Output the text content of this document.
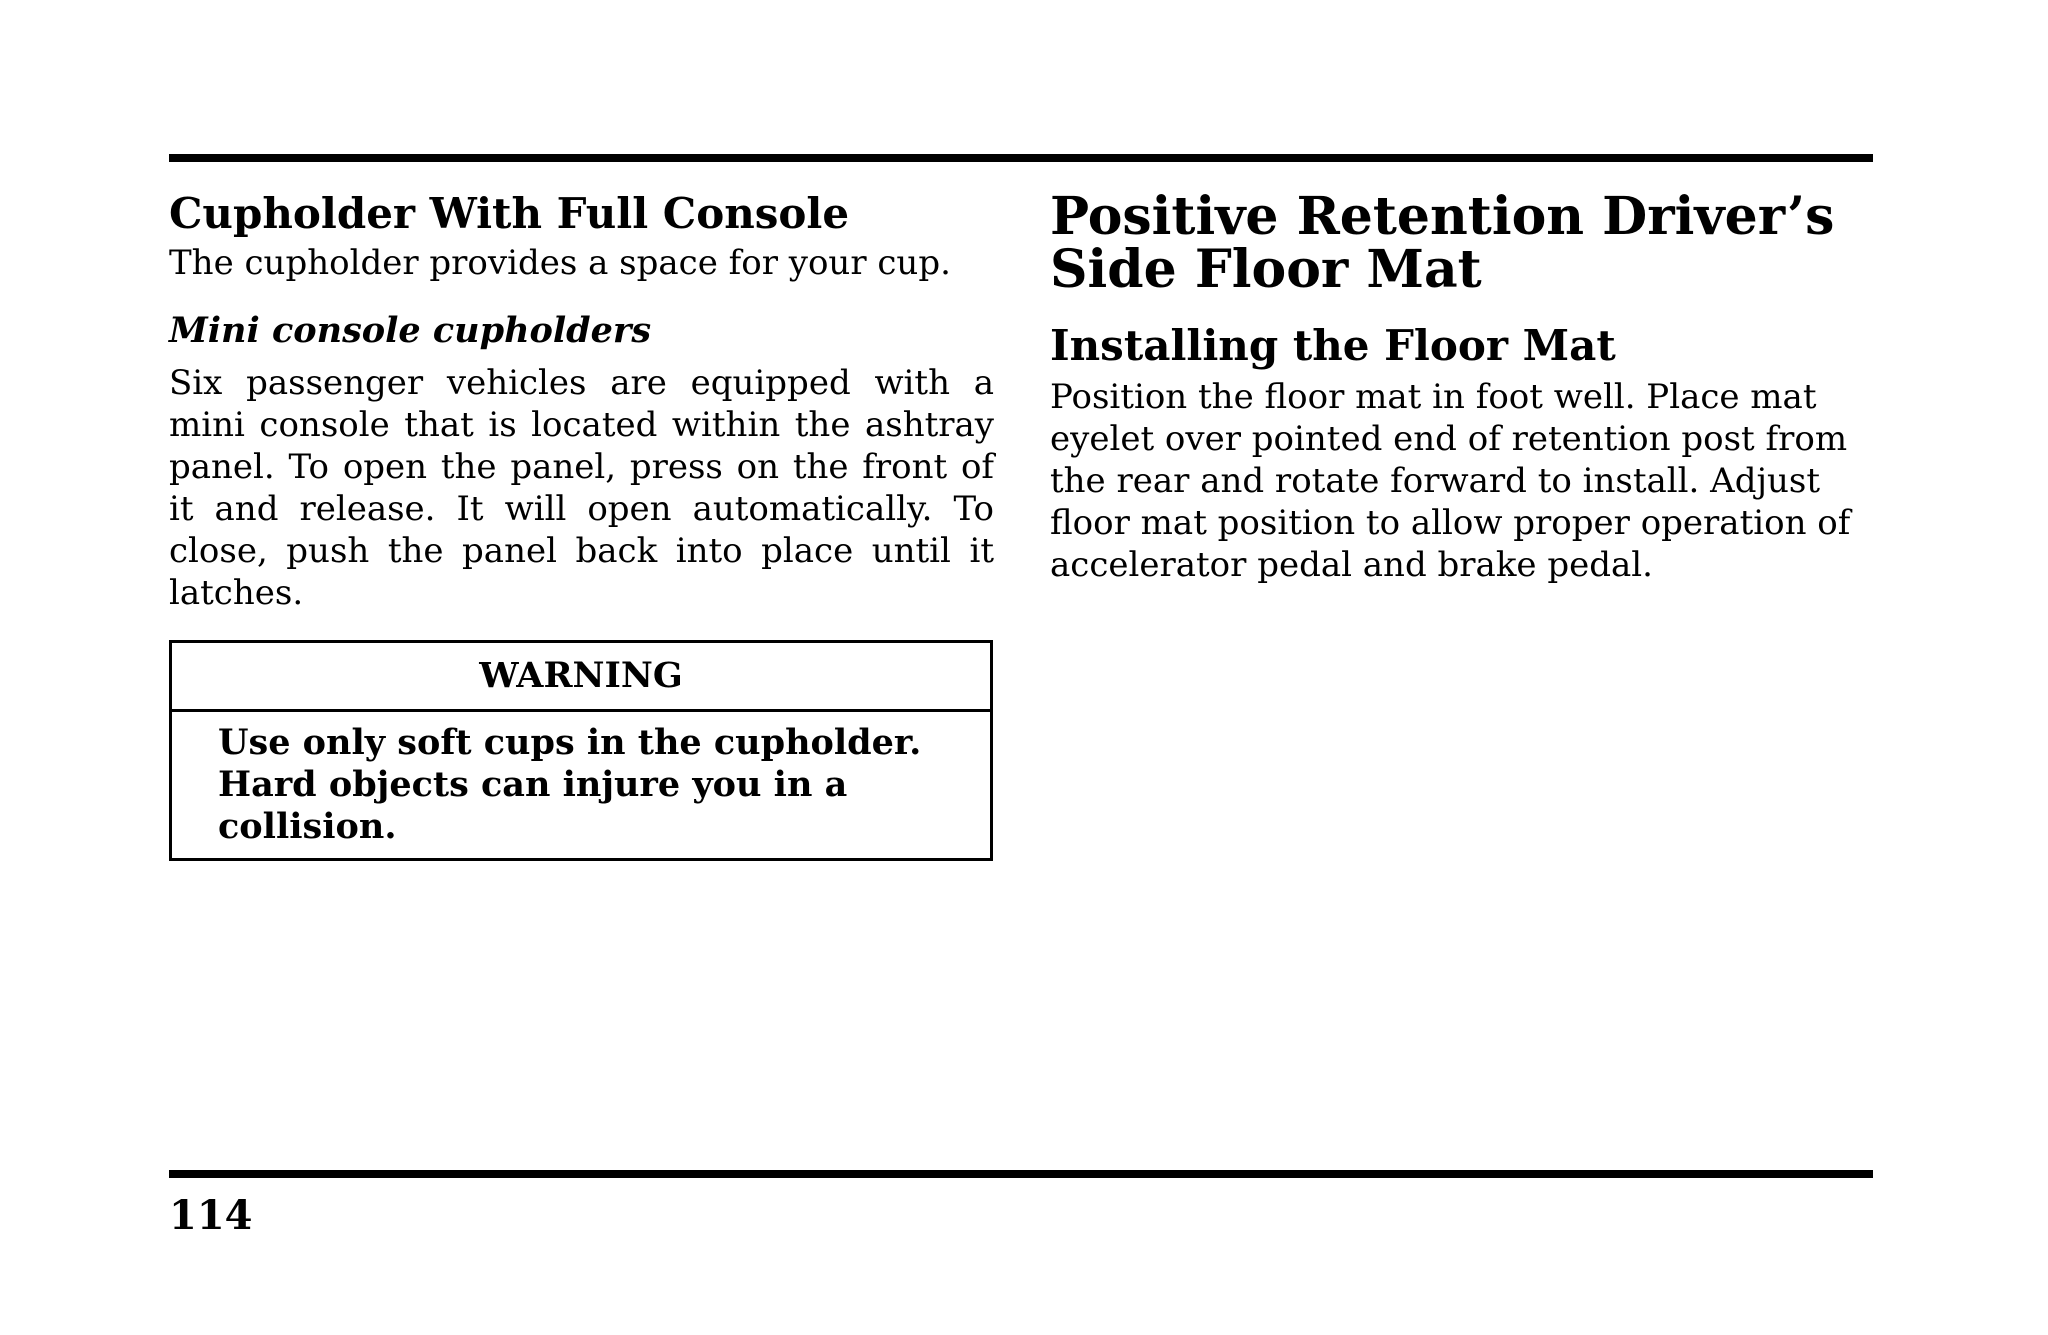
Cupholder With Full Console

The cupholder provides a space for your cup.

Mini console cupholders

Six passenger vehicles are equipped with a mini console that is located within the ashtray panel. To open the panel, press on the front of it and release. It will open automatically. To close, push the panel back into place until it latches.

WARNING
Use only soft cups in the cupholder.
Hard objects can injure you in a
collision.
Positive Retention Driver’s Side Floor Mat
Installing the Floor Mat

Position the floor mat in foot well. Place mat eyelet over pointed end of retention post from the rear and rotate forward to install. Adjust floor mat position to allow proper operation of accelerator pedal and brake pedal.

114
